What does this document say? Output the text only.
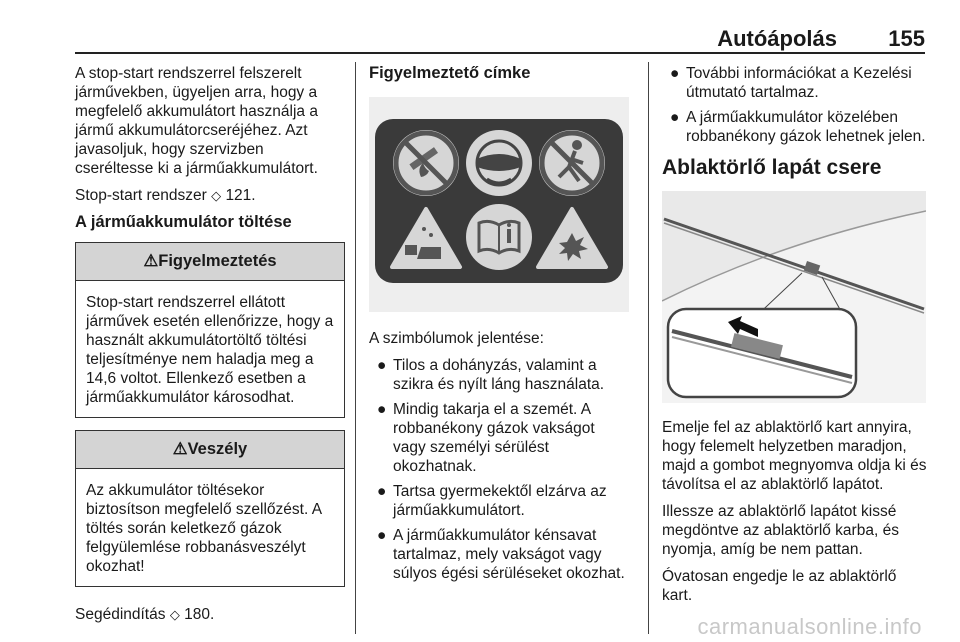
Autóápolás 155

A stop-start rendszerrel felszerelt járművekben, ügyeljen arra, hogy a megfelelő akkumulátort használja a jármű akkumulátorcseréjéhez. Azt javasoljuk, hogy szervizben cseréltesse ki a járműakkumulátort.

Stop-start rendszer ◇ 121.

A járműakkumulátor töltése
⚠Figyelmeztetés

Stop-start rendszerrel ellátott járművek esetén ellenőrizze, hogy a használt akkumulátortöltő töltési teljesítménye nem haladja meg a 14,6 voltot. Ellenkező esetben a járműakkumulátor károsodhat.

⚠Veszély

Az akkumulátor töltésekor biztosítson megfelelő szellőzést. A töltés során keletkező gázok felgyülemlése robbanásveszélyt okozhat!

Segédindítás ◇ 180.

Figyelmeztető címke

A szimbólumok jelentése:

● Tilos a dohányzás, valamint a szikra és nyílt láng használata.
● Mindig takarja el a szemét. A robbanékony gázok vakságot vagy személyi sérülést okozhatnak.
● Tartsa gyermekektől elzárva az járműakkumulátort.
● A járműakkumulátor kénsavat tartalmaz, mely vakságot vagy súlyos égési sérüléseket okozhat.
● További információkat a Kezelési útmutató tartalmaz.
● A járműakkumulátor közelében robbanékony gázok lehetnek jelen.
Ablaktörlő lapát csere

Emelje fel az ablaktörlő kart annyira, hogy felemelt helyzetben maradjon, majd a gombot megnyomva oldja ki és távolítsa el az ablaktörlő lapátot.

Illessze az ablaktörlő lapátot kissé megdöntve az ablaktörlő karba, és nyomja, amíg be nem pattan.

Óvatosan engedje le az ablaktörlő kart.

carmanualsonline.info
